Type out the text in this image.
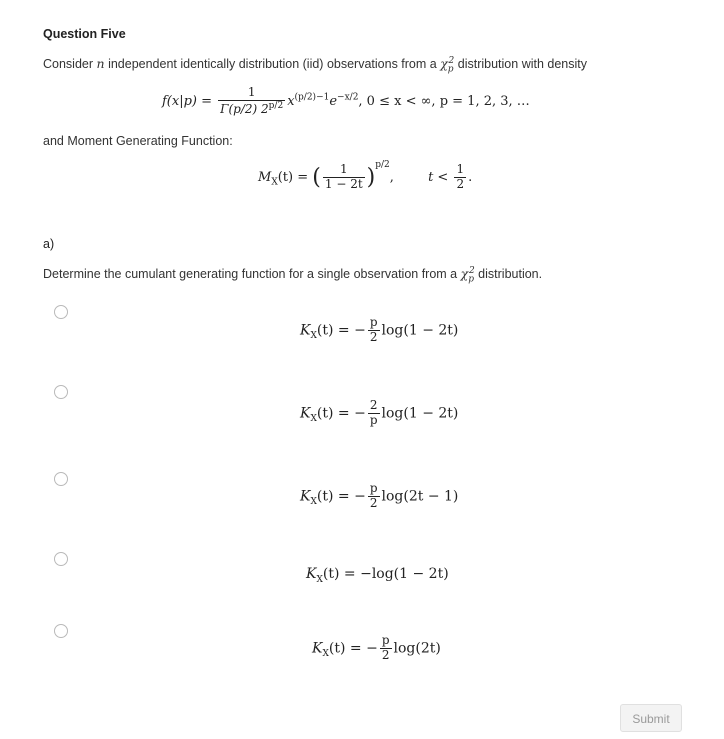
Question Five
Consider n independent identically distribution (iid) observations from a $\chi_p^2$ distribution with density
$f(x|p) = \frac{1}{\Gamma(p/2) 2^{p/2}} x^{(p/2)-1}e^{-x/2}$, 0 ≤ x < ∞, p = 1, 2, 3, …
and Moment Generating Function:
$M_X(t)$ = ( $\frac{1}{1 - 2t} )^{p/2}$,	$t < \frac{1}{2}$ .
a)
Determine the cumulant generating function for a single observation from a $\chi_p^2$ distribution.
$K_X(t)$ = − $\frac{p}{2} \log(1 - 2t)$
$K_X(t)$ = − $\frac{2}{p} \log(1 - 2t)$
$K_X(t)$ = − $\frac{p}{2} \log(2t - 1)$
$K_X(t) = -\log(1 - 2t)$
$K_X(t)$ = − $\frac{p}{2} \log(2t)$
Submit
